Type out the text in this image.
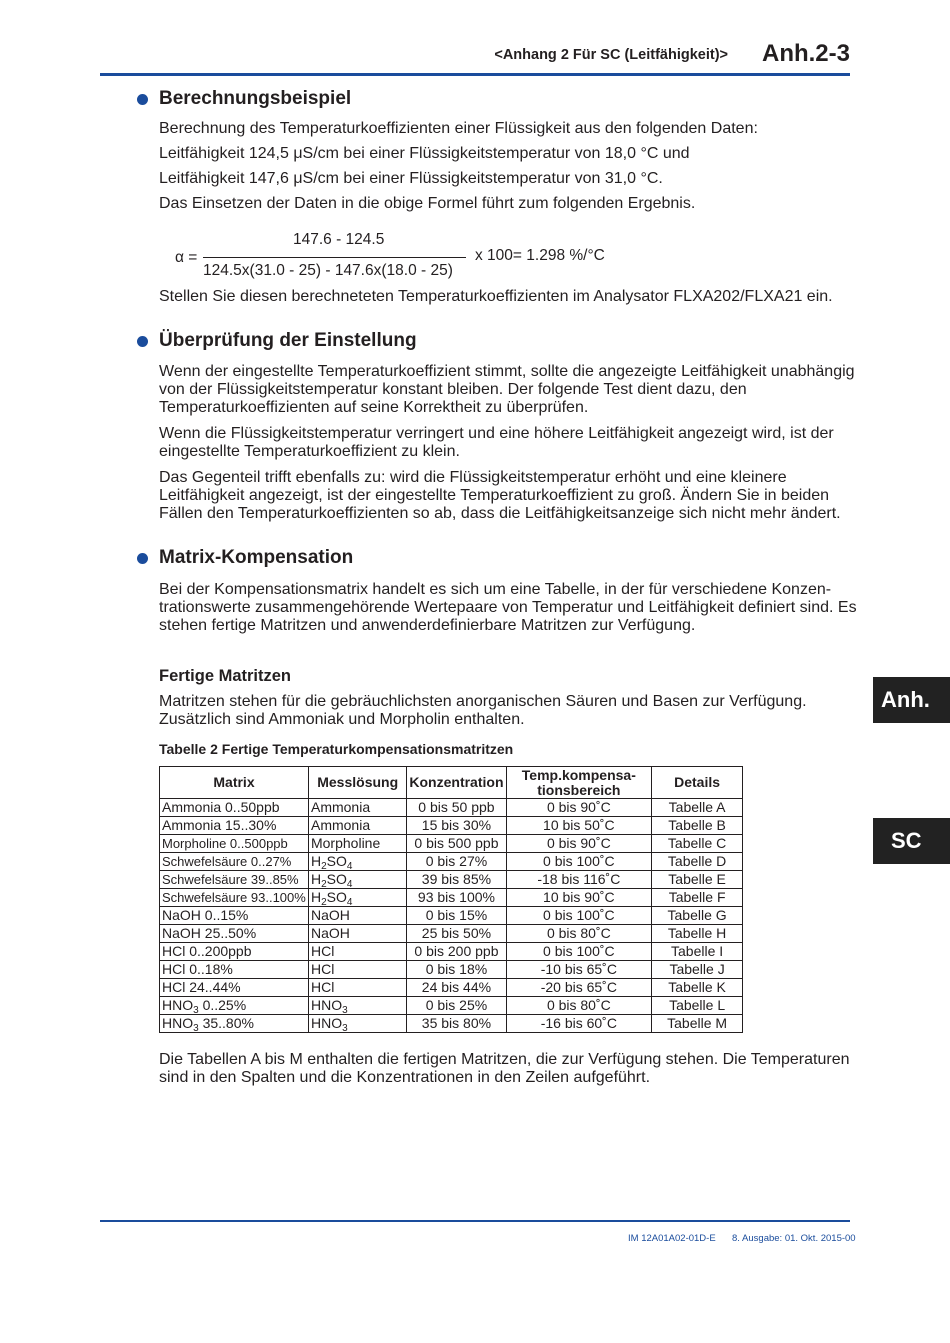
<Anhang 2 Für SC (Leitfähigkeit)> Anh.2-3
Anh.
SC
Berechnungsbeispiel
Berechnung des Temperaturkoeffizienten einer Flüssigkeit aus den folgenden Daten:
Leitfähigkeit 124,5 μS/cm bei einer Flüssigkeitstemperatur von 18,0 °C und
Leitfähigkeit 147,6 μS/cm bei einer Flüssigkeitstemperatur von 31,0 °C.
Das Einsetzen der Daten in die obige Formel führt zum folgenden Ergebnis.
147.6 - 124.5
α =	x 100= 1.298 %/°C
124.5x(31.0 - 25) - 147.6x(18.0 - 25)
Stellen Sie diesen berechneteten Temperaturkoeffizienten im Analysator FLXA202/FLXA21 ein.
Überprüfung der Einstellung
Wenn der eingestellte Temperaturkoeffizient stimmt, sollte die angezeigte Leitfähigkeit unabhängig von der Flüssigkeitstemperatur konstant bleiben. Der folgende Test dient dazu, den Temperaturkoeffizienten auf seine Korrektheit zu überprüfen.
Wenn die Flüssigkeitstemperatur verringert und eine höhere Leitfähigkeit angezeigt wird, ist der eingestellte Temperaturkoeffizient zu klein.
Das Gegenteil trifft ebenfalls zu: wird die Flüssigkeitstemperatur erhöht und eine kleinere Leitfähigkeit angezeigt, ist der eingestellte Temperaturkoeffizient zu groß. Ändern Sie in beiden Fällen den Temperaturkoeffizienten so ab, dass die Leitfähigkeitsanzeige sich nicht mehr ändert.
Matrix-Kompensation
Bei der Kompensationsmatrix handelt es sich um eine Tabelle, in der für verschiedene Konzen-trationswerte zusammengehörende Wertepaare von Temperatur und Leitfähigkeit definiert sind. Es stehen fertige Matritzen und anwenderdefinierbare Matritzen zur Verfügung.
Fertige Matritzen
Matritzen stehen für die gebräuchlichsten anorganischen Säuren und Basen zur Verfügung. Zusätzlich sind Ammoniak und Morpholin enthalten.
Tabelle 2 Fertige Temperaturkompensationsmatritzen
Matrix	Messlösung	Konzentration	Temp.kompensa-tionsbereich	Details
Ammonia 0..50ppb	Ammonia	0 bis 50 ppb	0 bis 90˚C	Tabelle A
Ammonia 15..30%	Ammonia	15 bis 30%	10 bis 50˚C	Tabelle B
Morpholine 0..500ppb	Morpholine	0 bis 500 ppb	0 bis 90˚C	Tabelle C
Schwefelsäure 0..27%	$H_2SO_4$	0 bis 27%	0 bis 100˚C	Tabelle D
Schwefelsäure 39..85%	$H_2SO_4$	39 bis 85%	-18 bis 116˚C	Tabelle E
Schwefelsäure 93..100%	$H_2SO_4$	93 bis 100%	10 bis 90˚C	Tabelle F
NaOH 0..15%	NaOH	0 bis 15%	0 bis 100˚C	Tabelle G
NaOH 25..50%	NaOH	25 bis 50%	0 bis 80˚C	Tabelle H
HCl 0..200ppb	HCl	0 bis 200 ppb	0 bis 100˚C	Tabelle I
HCl 0..18%	HCl	0 bis 18%	-10 bis 65˚C	Tabelle J
HCl 24..44%	HCl	24 bis 44%	-20 bis 65˚C	Tabelle K
$HNO_3$ 0..25%	$HNO_3$	0 bis 25%	0 bis 80˚C	Tabelle L
$HNO_3$ 35..80%	$HNO_3$	35 bis 80%	-16 bis 60˚C	Tabelle M
Die Tabellen A bis M enthalten die fertigen Matritzen, die zur Verfügung stehen. Die Temperaturen sind in den Spalten und die Konzentrationen in den Zeilen aufgeführt.
IM 12A01A02-01D-E 8. Ausgabe: 01. Okt. 2015-00
